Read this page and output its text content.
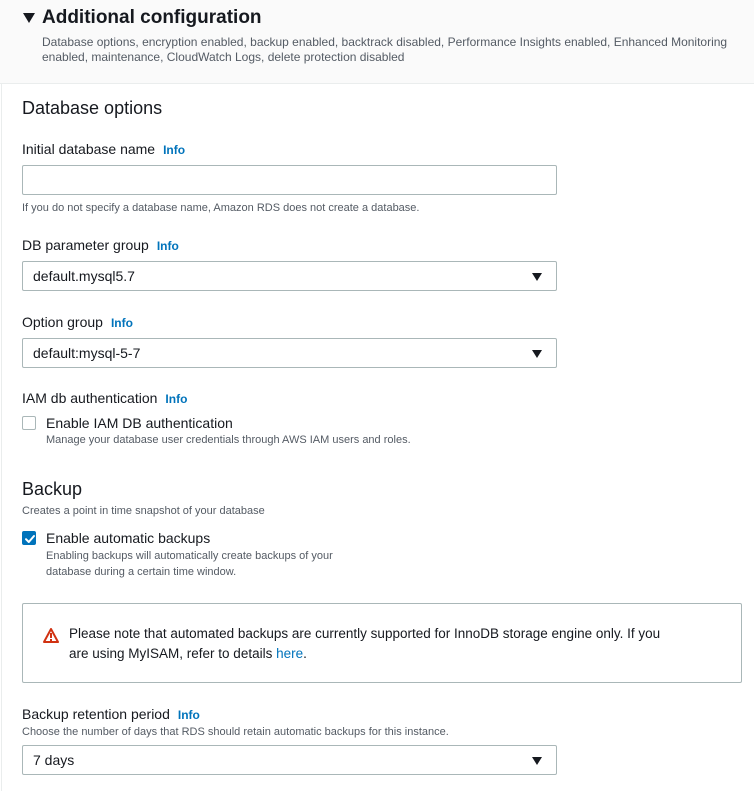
Additional configuration
Database options, encryption enabled, backup enabled, backtrack disabled, Performance Insights enabled, Enhanced Monitoring enabled, maintenance, CloudWatch Logs, delete protection disabled
Database options
Initial database name Info
If you do not specify a database name, Amazon RDS does not create a database.
DB parameter group Info
default.mysql5.7
Option group Info
default:mysql-5-7
IAM db authentication Info
Enable IAM DB authentication
Manage your database user credentials through AWS IAM users and roles.
Backup
Creates a point in time snapshot of your database
Enable automatic backups
Enabling backups will automatically create backups of your
database during a certain time window.
Please note that automated backups are currently supported for InnoDB storage engine only. If you
are using MyISAM, refer to details here.
Backup retention period Info
Choose the number of days that RDS should retain automatic backups for this instance.
7 days
